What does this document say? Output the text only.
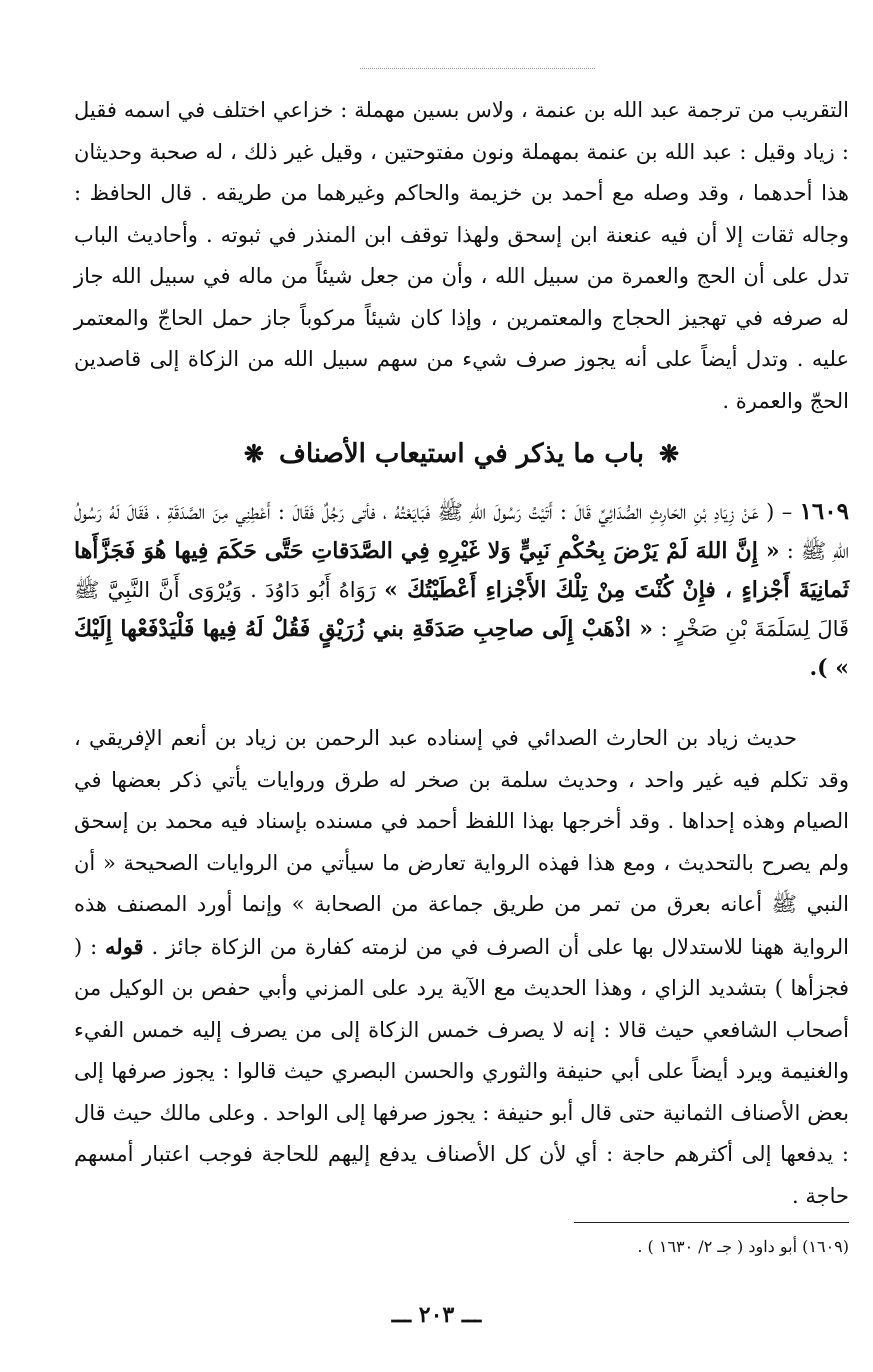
التقريب من ترجمة عبد الله بن عنمة ، ولاس بسين مهملة : خزاعي اختلف في اسمه فقيل : زياد وقيل : عبد الله بن عنمة بمهملة ونون مفتوحتين ، وقيل غير ذلك ، له صحبة وحديثان هذا أحدهما ، وقد وصله مع أحمد بن خزيمة والحاكم وغيرهما من طريقه . قال الحافظ : وجاله ثقات إلا أن فيه عنعنة ابن إسحق ولهذا توقف ابن المنذر في ثبوته . وأحاديث الباب تدل على أن الحج والعمرة من سبيل الله ، وأن من جعل شيئاً من ماله في سبيل الله جاز له صرفه في تهجيز الحجاج والمعتمرين ، وإذا كان شيئاً مركوباً جاز حمل الحاجّ والمعتمر عليه . وتدل أيضاً على أنه يجوز صرف شيء من سهم سبيل الله من الزكاة إلى قاصدين الحجّ والعمرة .
❋ باب ما يذكر في استيعاب الأصناف ❋
١٦٠٩ – ( عَنْ زِيَادِ بْنِ الحَارِثِ الصُّدَائِيِّ قَالَ : أَتَيْتُ رَسُولَ اللهِ ﷺ فَبَايَعْتُهُ ، فأتى رَجُلٌ فَقَالَ : أَعْطِنِي مِنَ الصَّدَقَةِ ، فَقَالَ لَهُ رَسُولُ اللهِ ﷺ : « إِنَّ اللهَ لَمْ يَرْضَ بِحُكْمِ نَبِيٍّ وَلا غَيْرِهِ فِي الصَّدَقاتِ حَتَّى حَكَمَ فِيها هُوَ فَجَزَّأَها ثَمانِيَةَ أَجْزاءٍ ، فإِنْ كُنْتَ مِنْ تِلْكَ الأَجْزاءِ أَعْطَيْتُكَ » رَوَاهُ أَبُو دَاوُدَ . وَيُرْوَى أَنَّ النَّبِيَّ ﷺ قَالَ لِسَلَمَةَ بْنِ صَخْرٍ : « اذْهَبْ إِلَى صاحِبِ صَدَقَةِ بني زُرَيْقٍ فَقُلْ لَهُ فِيها فَلْيَدْفَعْها إِلَيْكَ » ).
حديث زياد بن الحارث الصدائي في إسناده عبد الرحمن بن زياد بن أنعم الإفريقي ، وقد تكلم فيه غير واحد ، وحديث سلمة بن صخر له طرق وروايات يأتي ذكر بعضها في الصيام وهذه إحداها . وقد أخرجها بهذا اللفظ أحمد في مسنده بإسناد فيه محمد بن إسحق ولم يصرح بالتحديث ، ومع هذا فهذه الرواية تعارض ما سيأتي من الروايات الصحيحة « أن النبي ﷺ أعانه بعرق من تمر من طريق جماعة من الصحابة » وإنما أورد المصنف هذه الرواية ههنا للاستدلال بها على أن الصرف في من لزمته كفارة من الزكاة جائز . قوله : ( فجزأها ) بتشديد الزاي ، وهذا الحديث مع الآية يرد على المزني وأبي حفص بن الوكيل من أصحاب الشافعي حيث قالا : إنه لا يصرف خمس الزكاة إلى من يصرف إليه خمس الفيء والغنيمة ويرد أيضاً على أبي حنيفة والثوري والحسن البصري حيث قالوا : يجوز صرفها إلى بعض الأصناف الثمانية حتى قال أبو حنيفة : يجوز صرفها إلى الواحد . وعلى مالك حيث قال : يدفعها إلى أكثرهم حاجة : أي لأن كل الأصناف يدفع إليهم للحاجة فوجب اعتبار أمسهم حاجة .
(١٦٠٩) أبو داود ( جـ ٢/ ١٦٣٠ ) .
ـــ ٢٠٣ ـــ
